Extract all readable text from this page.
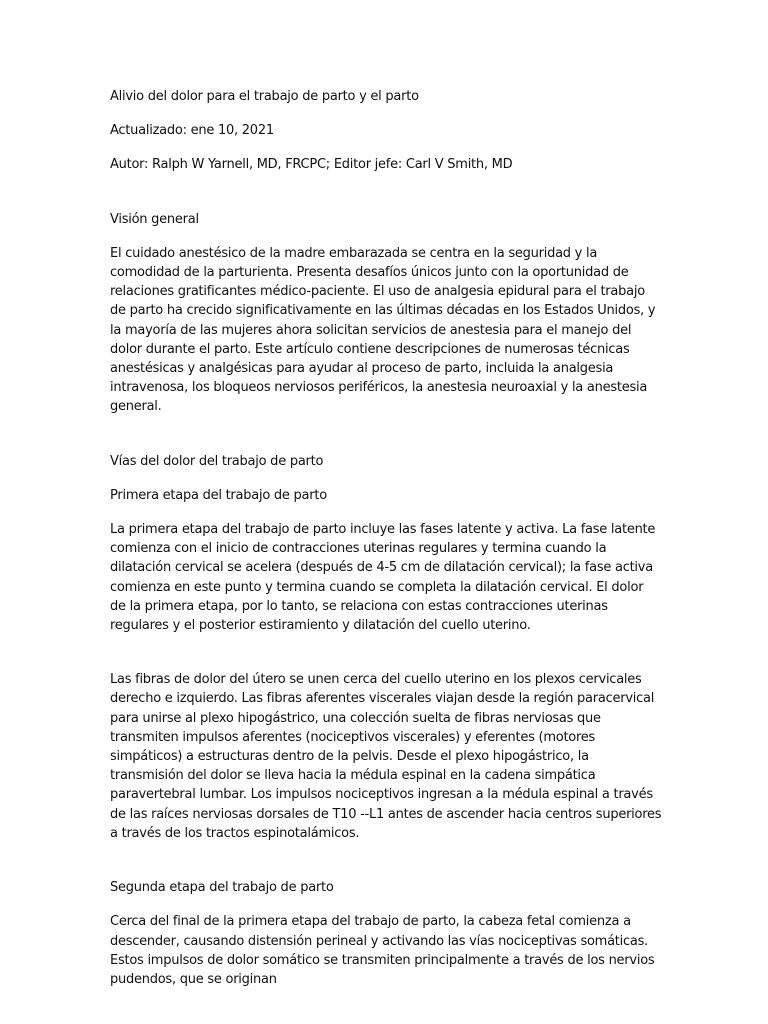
Alivio del dolor para el trabajo de parto y el parto

Actualizado: ene 10, 2021

Autor: Ralph W Yarnell, MD, FRCPC; Editor jefe: Carl V Smith, MD

Visión general

El cuidado anestésico de la madre embarazada se centra en la seguridad y la comodidad de la parturienta. Presenta desafíos únicos junto con la oportunidad de relaciones gratificantes médico-paciente. El uso de analgesia epidural para el trabajo de parto ha crecido significativamente en las últimas décadas en los Estados Unidos, y la mayoría de las mujeres ahora solicitan servicios de anestesia para el manejo del dolor durante el parto. Este artículo contiene descripciones de numerosas técnicas anestésicas y analgésicas para ayudar al proceso de parto, incluida la analgesia intravenosa, los bloqueos nerviosos periféricos, la anestesia neuroaxial y la anestesia general.

Vías del dolor del trabajo de parto

Primera etapa del trabajo de parto

La primera etapa del trabajo de parto incluye las fases latente y activa. La fase latente comienza con el inicio de contracciones uterinas regulares y termina cuando la dilatación cervical se acelera (después de 4-5 cm de dilatación cervical); la fase activa comienza en este punto y termina cuando se completa la dilatación cervical. El dolor de la primera etapa, por lo tanto, se relaciona con estas contracciones uterinas regulares y el posterior estiramiento y dilatación del cuello uterino.

Las fibras de dolor del útero se unen cerca del cuello uterino en los plexos cervicales derecho e izquierdo. Las fibras aferentes viscerales viajan desde la región paracervical para unirse al plexo hipogástrico, una colección suelta de fibras nerviosas que transmiten impulsos aferentes (nociceptivos viscerales) y eferentes (motores simpáticos) a estructuras dentro de la pelvis. Desde el plexo hipogástrico, la transmisión del dolor se lleva hacia la médula espinal en la cadena simpática paravertebral lumbar. Los impulsos nociceptivos ingresan a la médula espinal a través de las raíces nerviosas dorsales de T10 --L1 antes de ascender hacia centros superiores a través de los tractos espinotalámicos.

Segunda etapa del trabajo de parto

Cerca del final de la primera etapa del trabajo de parto, la cabeza fetal comienza a descender, causando distensión perineal y activando las vías nociceptivas somáticas. Estos impulsos de dolor somático se transmiten principalmente a través de los nervios pudendos, que se originan
